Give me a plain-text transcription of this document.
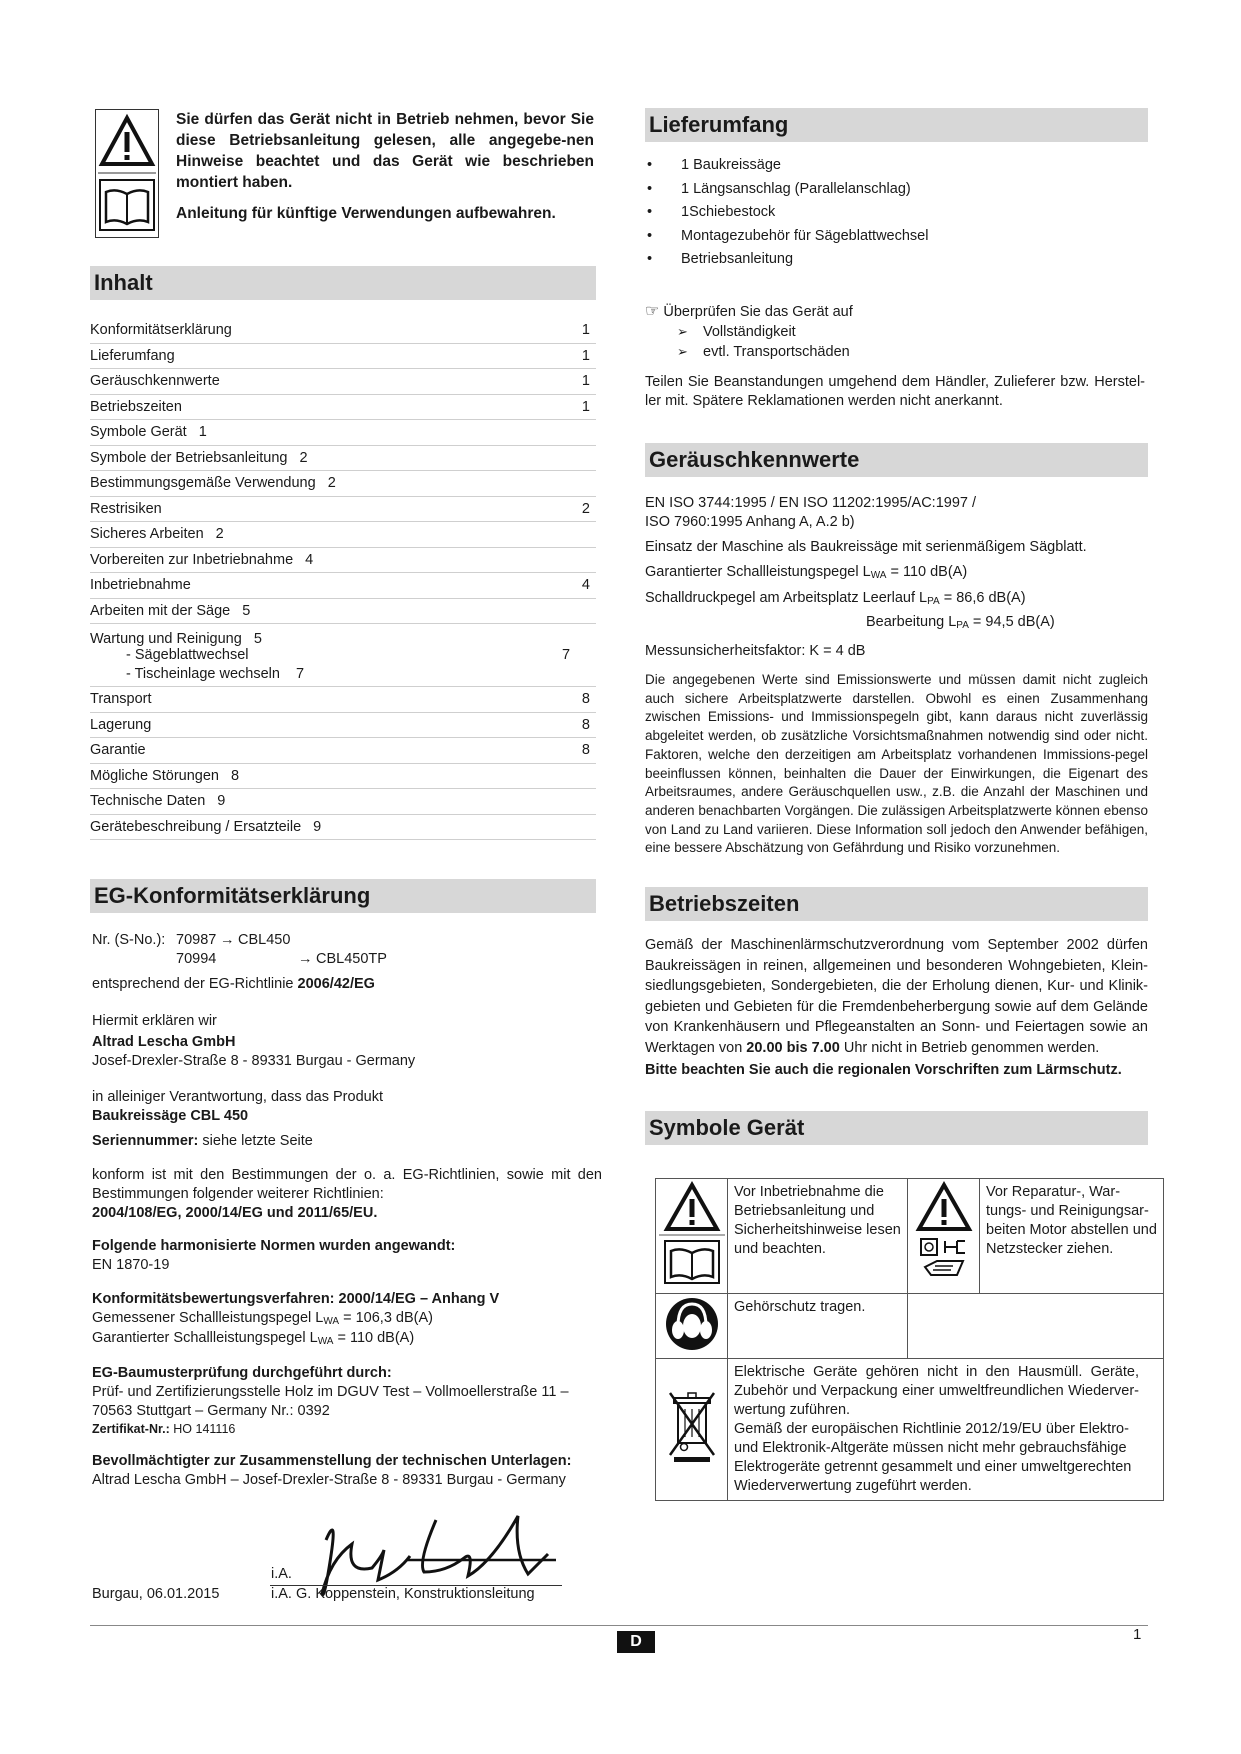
Sie dürfen das Gerät nicht in Betrieb nehmen, bevor Sie diese Betriebsanleitung gelesen, alle angegebe-nen Hinweise beachtet und das Gerät wie beschrieben montiert haben.

Anleitung für künftige Verwendungen aufbewahren.

Inhalt
Konformitätserklärung	1
Lieferumfang	1
Geräuschkennwerte	1
Betriebszeiten	1
Symbole Gerät 1
Symbole der Betriebsanleitung 2
Bestimmungsgemäße Verwendung 2
Restrisiken	2
Sicheres Arbeiten 2
Vorbereiten zur Inbetriebnahme 4
Inbetriebnahme	4
Arbeiten mit der Säge 5
Wartung und Reinigung 5
- Sägeblattwechsel	7
- Tischeinlage wechseln 7
Transport	8
Lagerung	8
Garantie	8
Mögliche Störungen 8
Technische Daten 9
Gerätebeschreibung / Ersatzteile 9
EG-Konformitätserklärung

Nr. (S-No.): 70987 → CBL450

70994	→ CBL450TP

entsprechend der EG-Richtlinie 2006/42/EG

Hiermit erklären wir

Altrad Lescha GmbH

Josef-Drexler-Straße 8 - 89331 Burgau - Germany

in alleiniger Verantwortung, dass das Produkt

Baukreissäge CBL 450

Seriennummer: siehe letzte Seite

konform ist mit den Bestimmungen der o. a. EG-Richtlinien, sowie mit den Bestimmungen folgender weiterer Richtlinien:

2004/108/EG, 2000/14/EG und 2011/65/EU.

Folgende harmonisierte Normen wurden angewandt:

EN 1870-19

Konformitätsbewertungsverfahren: 2000/14/EG – Anhang V

Gemessener Schallleistungspegel $L_{WA} = 106,3$ dB(A)

Garantierter Schallleistungspegel $L_{WA} = 110$ dB(A)

EG-Baumusterprüfung durchgeführt durch:

Prüf- und Zertifizierungsstelle Holz im DGUV Test – Vollmoellerstraße 11 –

70563 Stuttgart – Germany Nr.: 0392

Zertifikat-Nr.: HO 141116

Bevollmächtigter zur Zusammenstellung der technischen Unterlagen:

Altrad Lescha GmbH – Josef-Drexler-Straße 8 - 89331 Burgau - Germany

i.A.
Burgau, 06.01.2015	i.A. G. Koppenstein, Konstruktionsleitung
Lieferumfang
• 1 Baukreissäge
• 1 Längsanschlag (Parallelanschlag)
• 1Schiebestock
• Montagezubehör für Sägeblattwechsel
• Betriebsanleitung

☞ Überprüfen Sie das Gerät auf

➢ Vollständigkeit
➢ evtl. Transportschäden

Teilen Sie Beanstandungen umgehend dem Händler, Zulieferer bzw. Herstel-ler mit. Spätere Reklamationen werden nicht anerkannt.

Geräuschkennwerte

EN ISO 3744:1995 / EN ISO 11202:1995/AC:1997 /

ISO 7960:1995 Anhang A, A.2 b)

Einsatz der Maschine als Baukreissäge mit serienmäßigem Sägblatt.

Garantierter Schallleistungspegel $L_{WA} = 110$ dB(A)

Schalldruckpegel am Arbeitsplatz Leerlauf $L_{PA} = 86,6$ dB(A)

Bearbeitung $L_{PA} = 94,5$ dB(A)

Messunsicherheitsfaktor: K = 4 dB

Die angegebenen Werte sind Emissionswerte und müssen damit nicht zugleich auch sichere Arbeitsplatzwerte darstellen. Obwohl es einen Zusammenhang zwischen Emissions- und Immissionspegeln gibt, kann daraus nicht zuverlässig abgeleitet werden, ob zusätzliche Vorsichtsmaßnahmen notwendig sind oder nicht. Faktoren, welche den derzeitigen am Arbeitsplatz vorhandenen Immissions-pegel beeinflussen können, beinhalten die Dauer der Einwirkungen, die Eigenart des Arbeitsraumes, andere Geräuschquellen usw., z.B. die Anzahl der Maschinen und anderen benachbarten Vorgängen. Die zulässigen Arbeitsplatzwerte können ebenso von Land zu Land variieren. Diese Information soll jedoch den Anwender befähigen, eine bessere Abschätzung von Gefährdung und Risiko vorzunehmen.

Betriebszeiten

Gemäß der Maschinenlärmschutzverordnung vom September 2002 dürfen Baukreissägen in reinen, allgemeinen und besonderen Wohngebieten, Klein-siedlungsgebieten, Sondergebieten, die der Erholung dienen, Kur- und Klinik-gebieten und Gebieten für die Fremdenbeherbergung sowie auf dem Gelände von Krankenhäusern und Pflegeanstalten an Sonn- und Feiertagen sowie an Werktagen von 20.00 bis 7.00 Uhr nicht in Betrieb genommen werden.

Bitte beachten Sie auch die regionalen Vorschriften zum Lärmschutz.

Symbole Gerät
	Vor Inbetriebnahme die Betriebsanleitung und Sicherheitshinweise lesen und beachten.		Vor Reparatur-, War-tungs- und Reinigungsar-beiten Motor abstellen und Netzstecker ziehen.
	Gehörschutz tragen.		

Elektrische Geräte gehören nicht in den Hausmüll. Geräte, Zubehör und Verpackung einer umweltfreundlichen Wiederver-wertung zuführen.

Gemäß der europäischen Richtlinie 2012/19/EU über Elektro- und Elektronik-Altgeräte müssen nicht mehr gebrauchsfähige Elektrogeräte getrennt gesammelt und einer umweltgerechten Wiederverwertung zugeführt werden.		

D	1
